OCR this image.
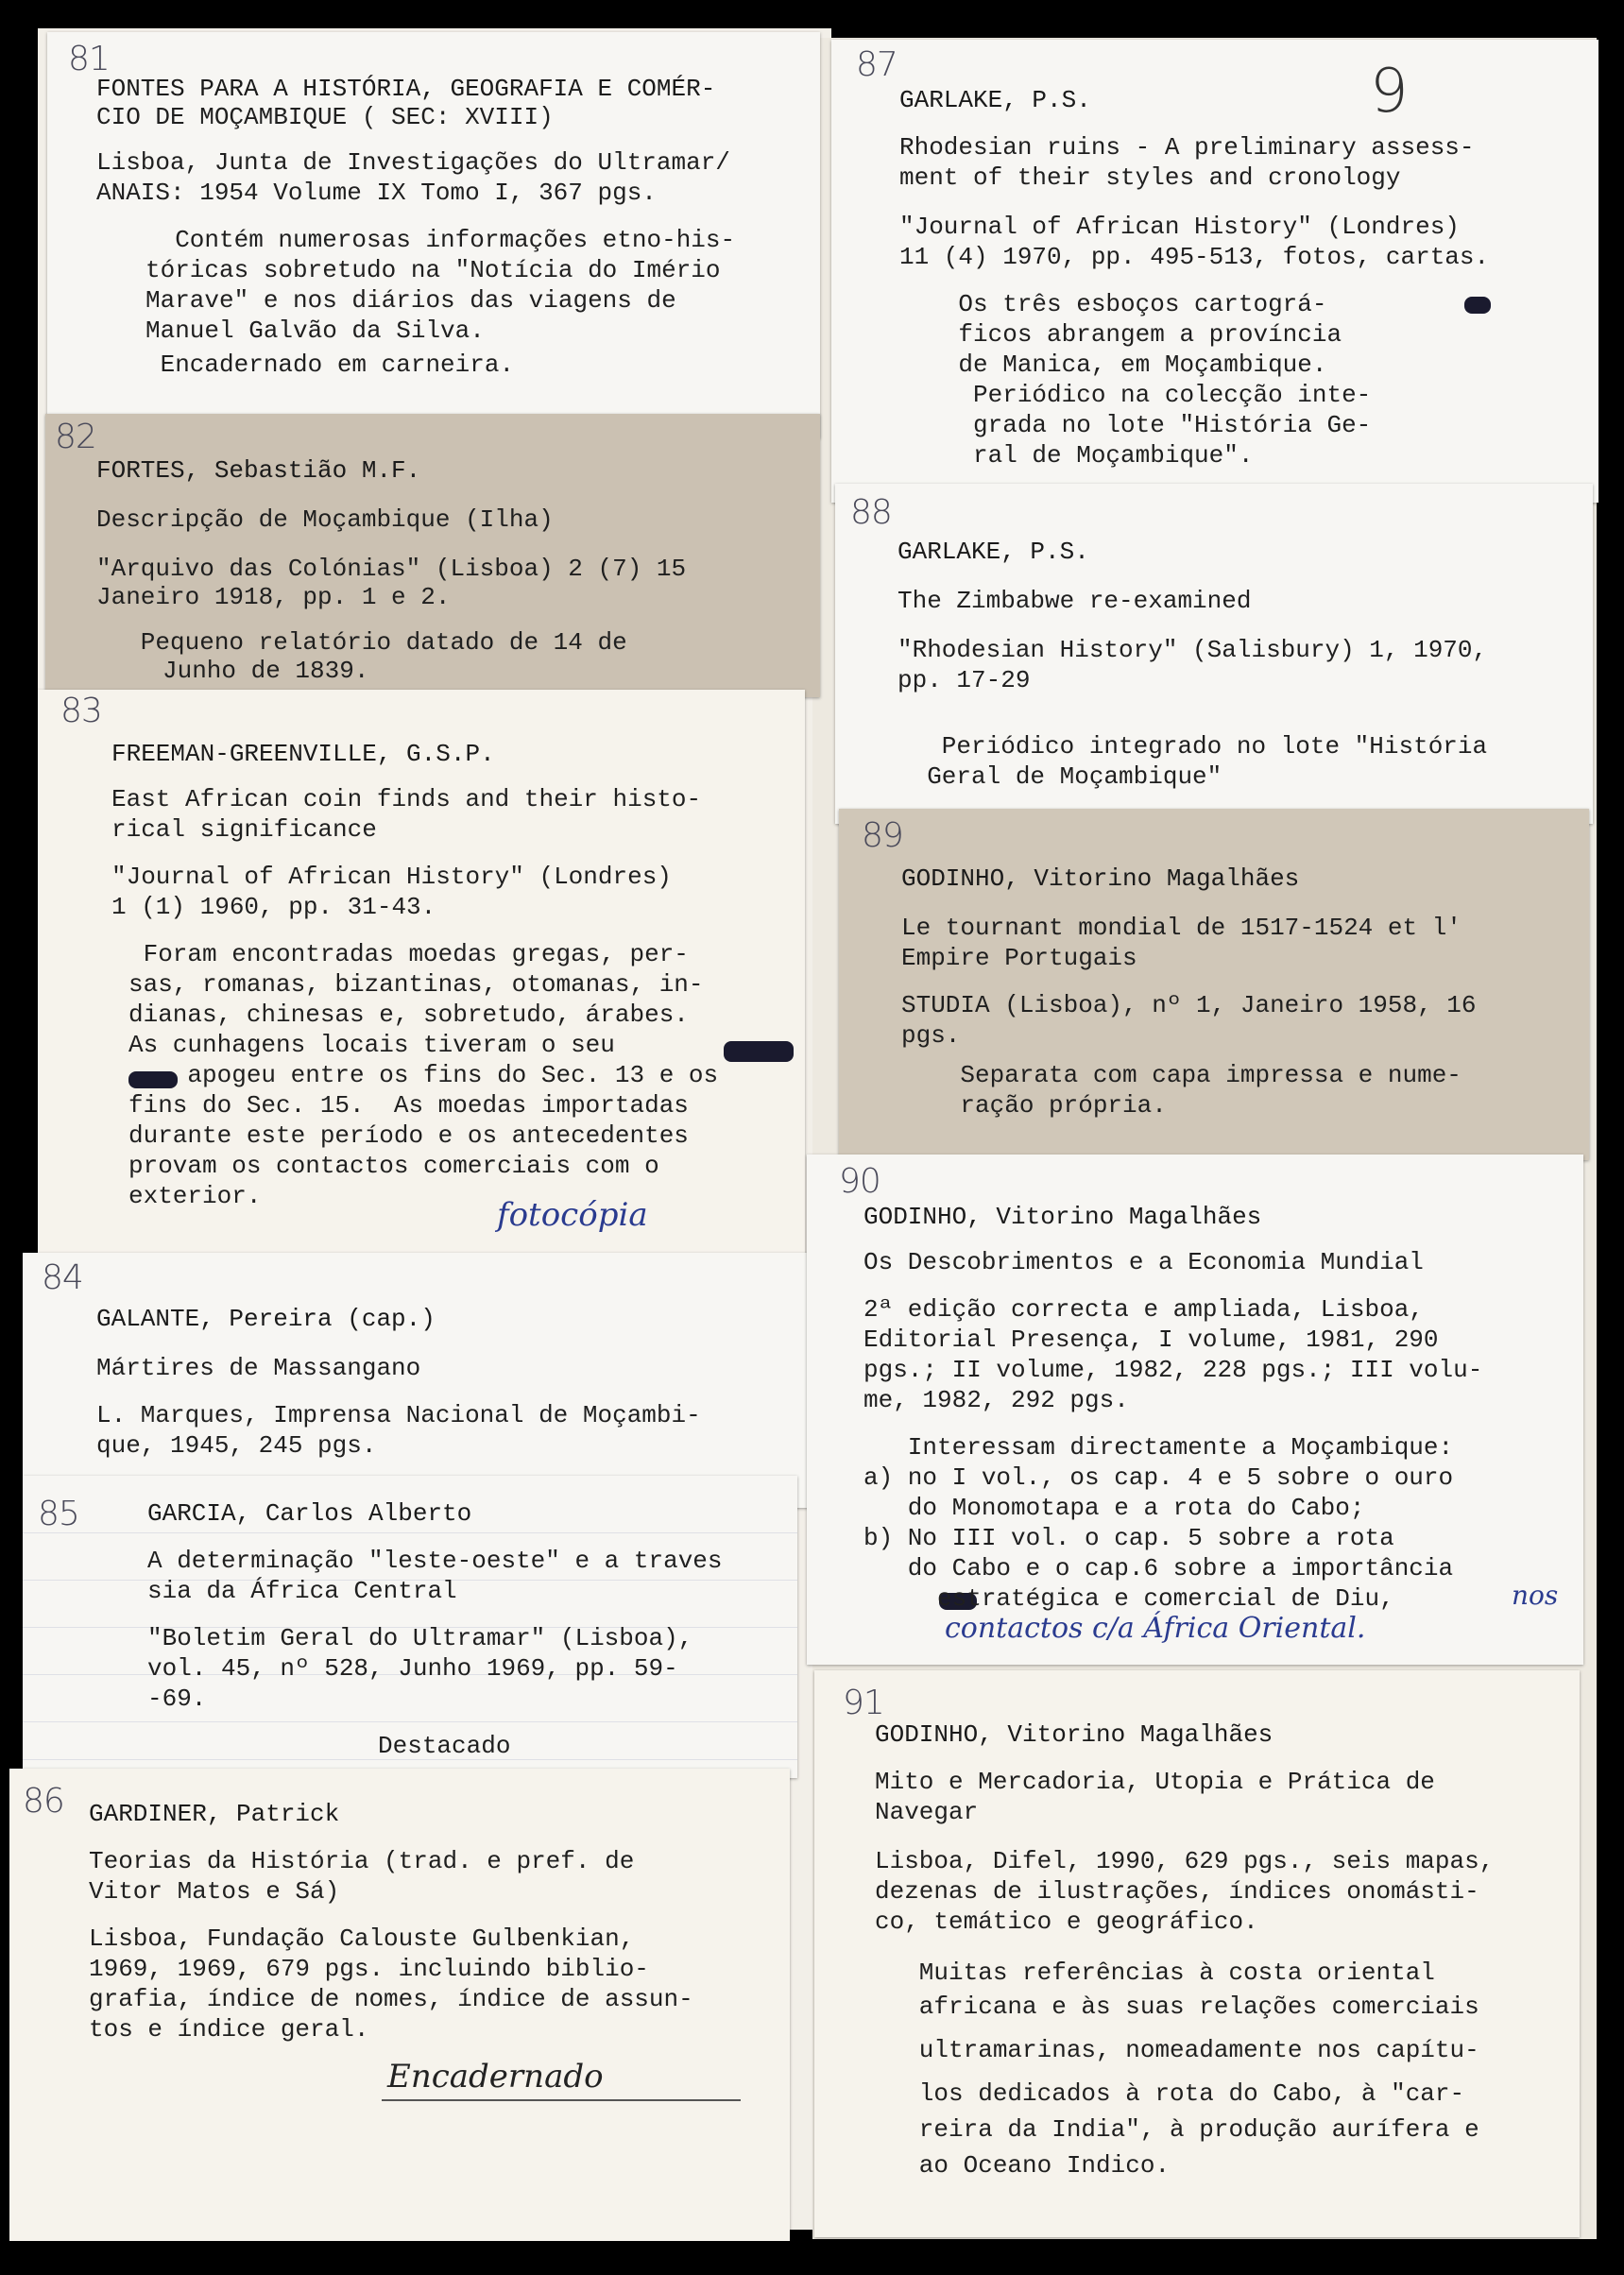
81
FONTES PARA A HISTÓRIA, GEOGRAFIA E COMÉR-
CIO DE MOÇAMBIQUE ( SEC: XVIII)
Lisboa, Junta de Investigações do Ultramar/
ANAIS: 1954 Volume IX Tomo I, 367 pgs.
Contém numerosas informações etno-his-
tóricas sobretudo na "Notícia do Imério
Marave" e nos diários das viagens de
Manuel Galvão da Silva.
Encadernado em carneira.
82
FORTES, Sebastião M.F.
Descripção de Moçambique (Ilha)
"Arquivo das Colónias" (Lisboa) 2 (7) 15
Janeiro 1918, pp. 1 e 2.
Pequeno relatório datado de 14 de
Junho de 1839.
83
FREEMAN-GREENVILLE, G.S.P.
East African coin finds and their histo-
rical significance
"Journal of African History" (Londres)
1 (1) 1960, pp. 31-43.
Foram encontradas moedas gregas, per-
sas, romanas, bizantinas, otomanas, in-
dianas, chinesas e, sobretudo, árabes.
As cunhagens locais tiveram o seu
apogeu entre os fins do Sec. 13 e os
fins do Sec. 15.  As moedas importadas
durante este período e os antecedentes
provam os contactos comerciais com o
exterior.	fotocópia
84
GALANTE, Pereira (cap.)
Mártires de Massangano
L. Marques, Imprensa Nacional de Moçambi-
que, 1945, 245 pgs.
85	GARCIA, Carlos Alberto
A determinação "leste-oeste" e a traves
sia da África Central
"Boletim Geral do Ultramar" (Lisboa),
vol. 45, nº 528, Junho 1969, pp. 59-
-69.
Destacado
86 GARDINER, Patrick
Teorias da História (trad. e pref. de
Vitor Matos e Sá)
Lisboa, Fundação Calouste Gulbenkian,
1969, 1969, 679 pgs. incluindo biblio-
grafia, índice de nomes, índice de assun-
tos e índice geral.
Encadernado
87	9
GARLAKE, P.S.
Rhodesian ruins - A preliminary assess-
ment of their styles and cronology
"Journal of African History" (Londres)
11 (4) 1970, pp. 495-513, fotos, cartas.
Os três esboços cartográ-
ficos abrangem a província
de Manica, em Moçambique.
Periódico na colecção inte-
grada no lote "História Ge-
ral de Moçambique".
88
GARLAKE, P.S.
The Zimbabwe re-examined
"Rhodesian History" (Salisbury) 1, 1970,
pp. 17-29
Periódico integrado no lote "História
Geral de Moçambique"
89
GODINHO, Vitorino Magalhães
Le tournant mondial de 1517-1524 et l'
Empire Portugais
STUDIA (Lisboa), nº 1, Janeiro 1958, 16
pgs.
Separata com capa impressa e nume-
ração própria.
90
GODINHO, Vitorino Magalhães
Os Descobrimentos e a Economia Mundial
2ª edição correcta e ampliada, Lisboa,
Editorial Presença, I volume, 1981, 290
pgs.; II volume, 1982, 228 pgs.; III volu-
me, 1982, 292 pgs.
Interessam directamente a Moçambique:
a) no I vol., os cap. 4 e 5 sobre o ouro
do Monomotapa e a rota do Cabo;
b) No III vol. o cap. 5 sobre a rota
do Cabo e o cap.6 sobre a importância
estratégica e comercial de Diu,	nos
contactos c/a África Oriental.
91
GODINHO, Vitorino Magalhães
Mito e Mercadoria, Utopia e Prática de
Navegar
Lisboa, Difel, 1990, 629 pgs., seis mapas,
dezenas de ilustrações, índices onomásti-
co, temático e geográfico.
Muitas referências à costa oriental
africana e às suas relações comerciais
ultramarinas, nomeadamente nos capítu-
los dedicados à rota do Cabo, à "car-
reira da India", à produção aurífera e
ao Oceano Indico.
